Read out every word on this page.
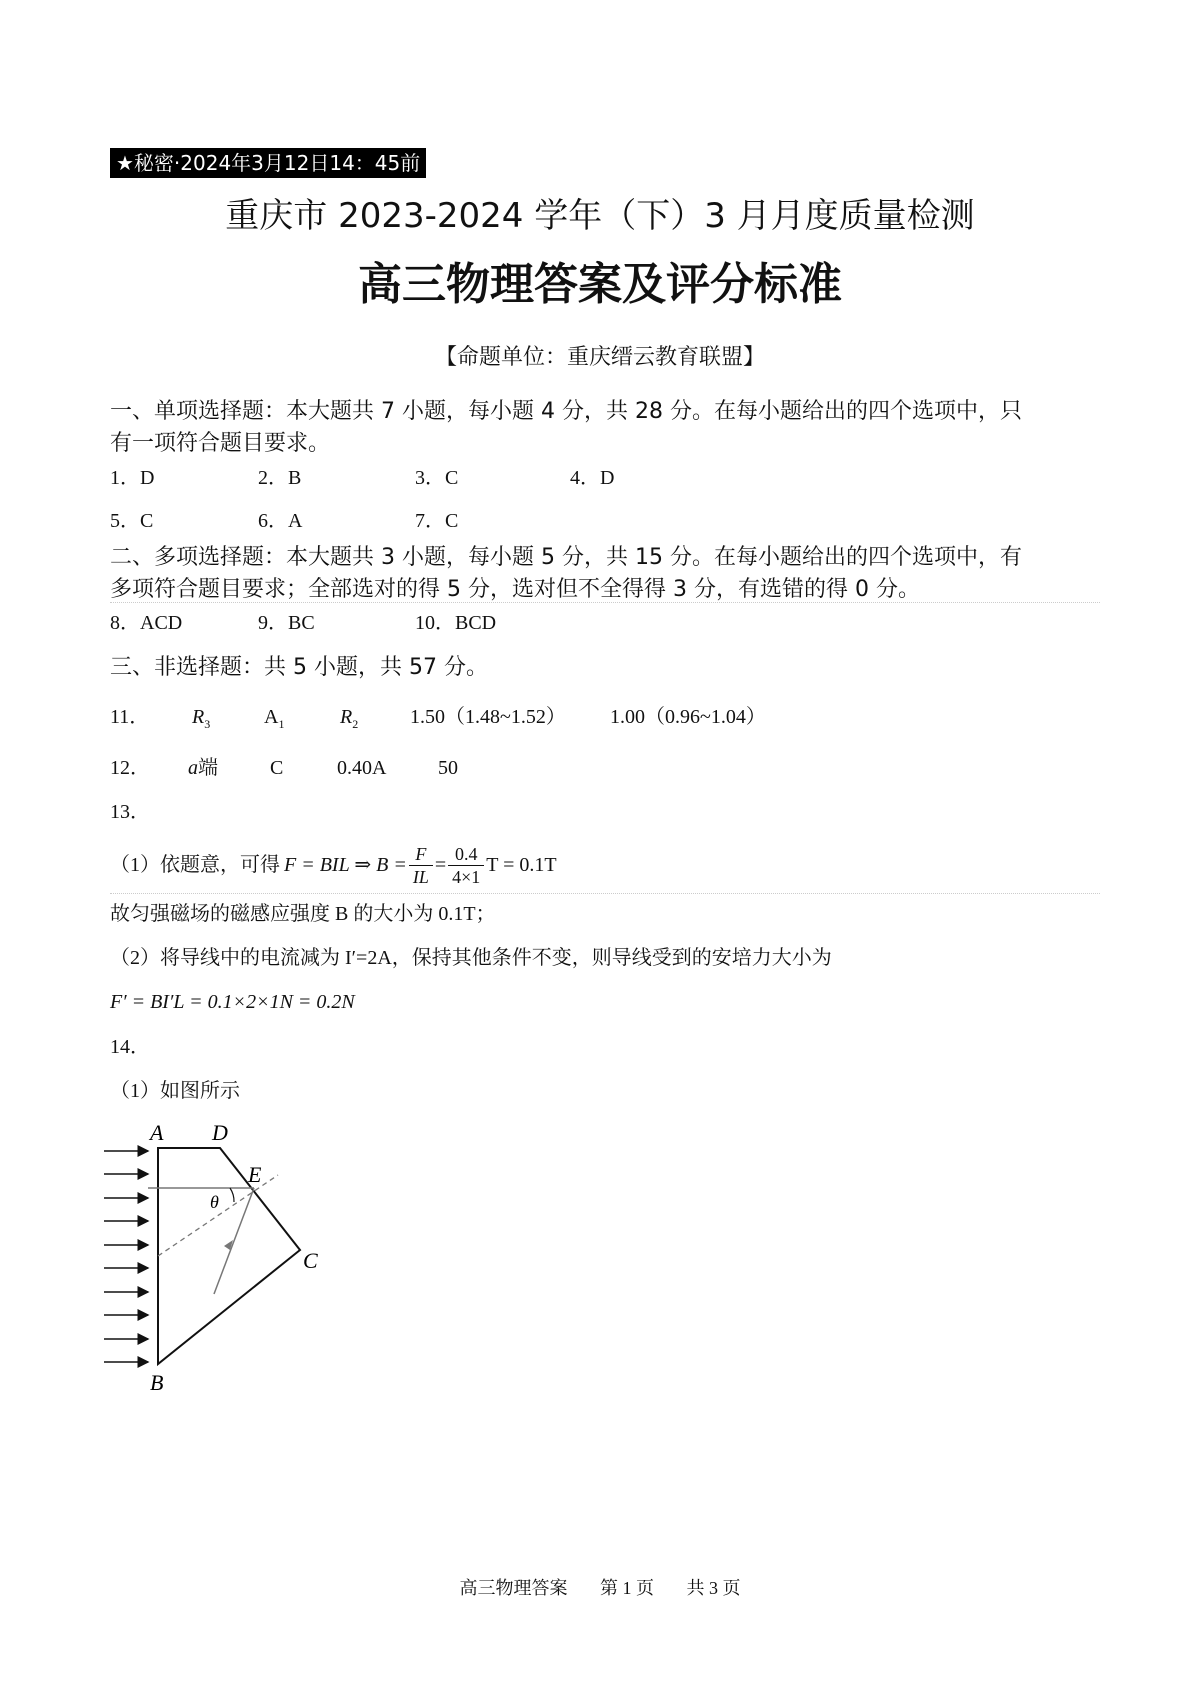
★秘密·2024年3月12日14：45前
重庆市 2023-2024 学年（下）3 月月度质量检测
高三物理答案及评分标准
【命题单位：重庆缙云教育联盟】
一、单项选择题：本大题共 7 小题，每小题 4 分，共 28 分。在每小题给出的四个选项中，只
有一项符合题目要求。
1．D	2．B	3．C	4．D
5．C	6．A	7．C
二、多项选择题：本大题共 3 小题，每小题 5 分，共 15 分。在每小题给出的四个选项中，有
多项符合题目要求；全部选对的得 5 分，选对但不全得得 3 分，有选错的得 0 分。
8．ACD	9．BC	10．BCD
三、非选择题：共 5 小题，共 57 分。
11． $R_3$	$A_1$	$R_2$	1.50（1.48~1.52） 1.00（0.96~1.04）
12． a端	C	0.40A	50
13．
（1）依题意，可得 F = BIL ⇒ $B = \frac{F}{IL} = \frac{0.4}{4\times 1}$ T = 0.1T
故匀强磁场的磁感应强度 B 的大小为 0.1T；
（2）将导线中的电流减为 I′=2A，保持其他条件不变，则导线受到的安培力大小为
F′ = BI′L = 0.1×2×1N = 0.2N
14．
（1）如图所示
A D
E
C
B
θ
高三物理答案 第 1 页 共 3 页
